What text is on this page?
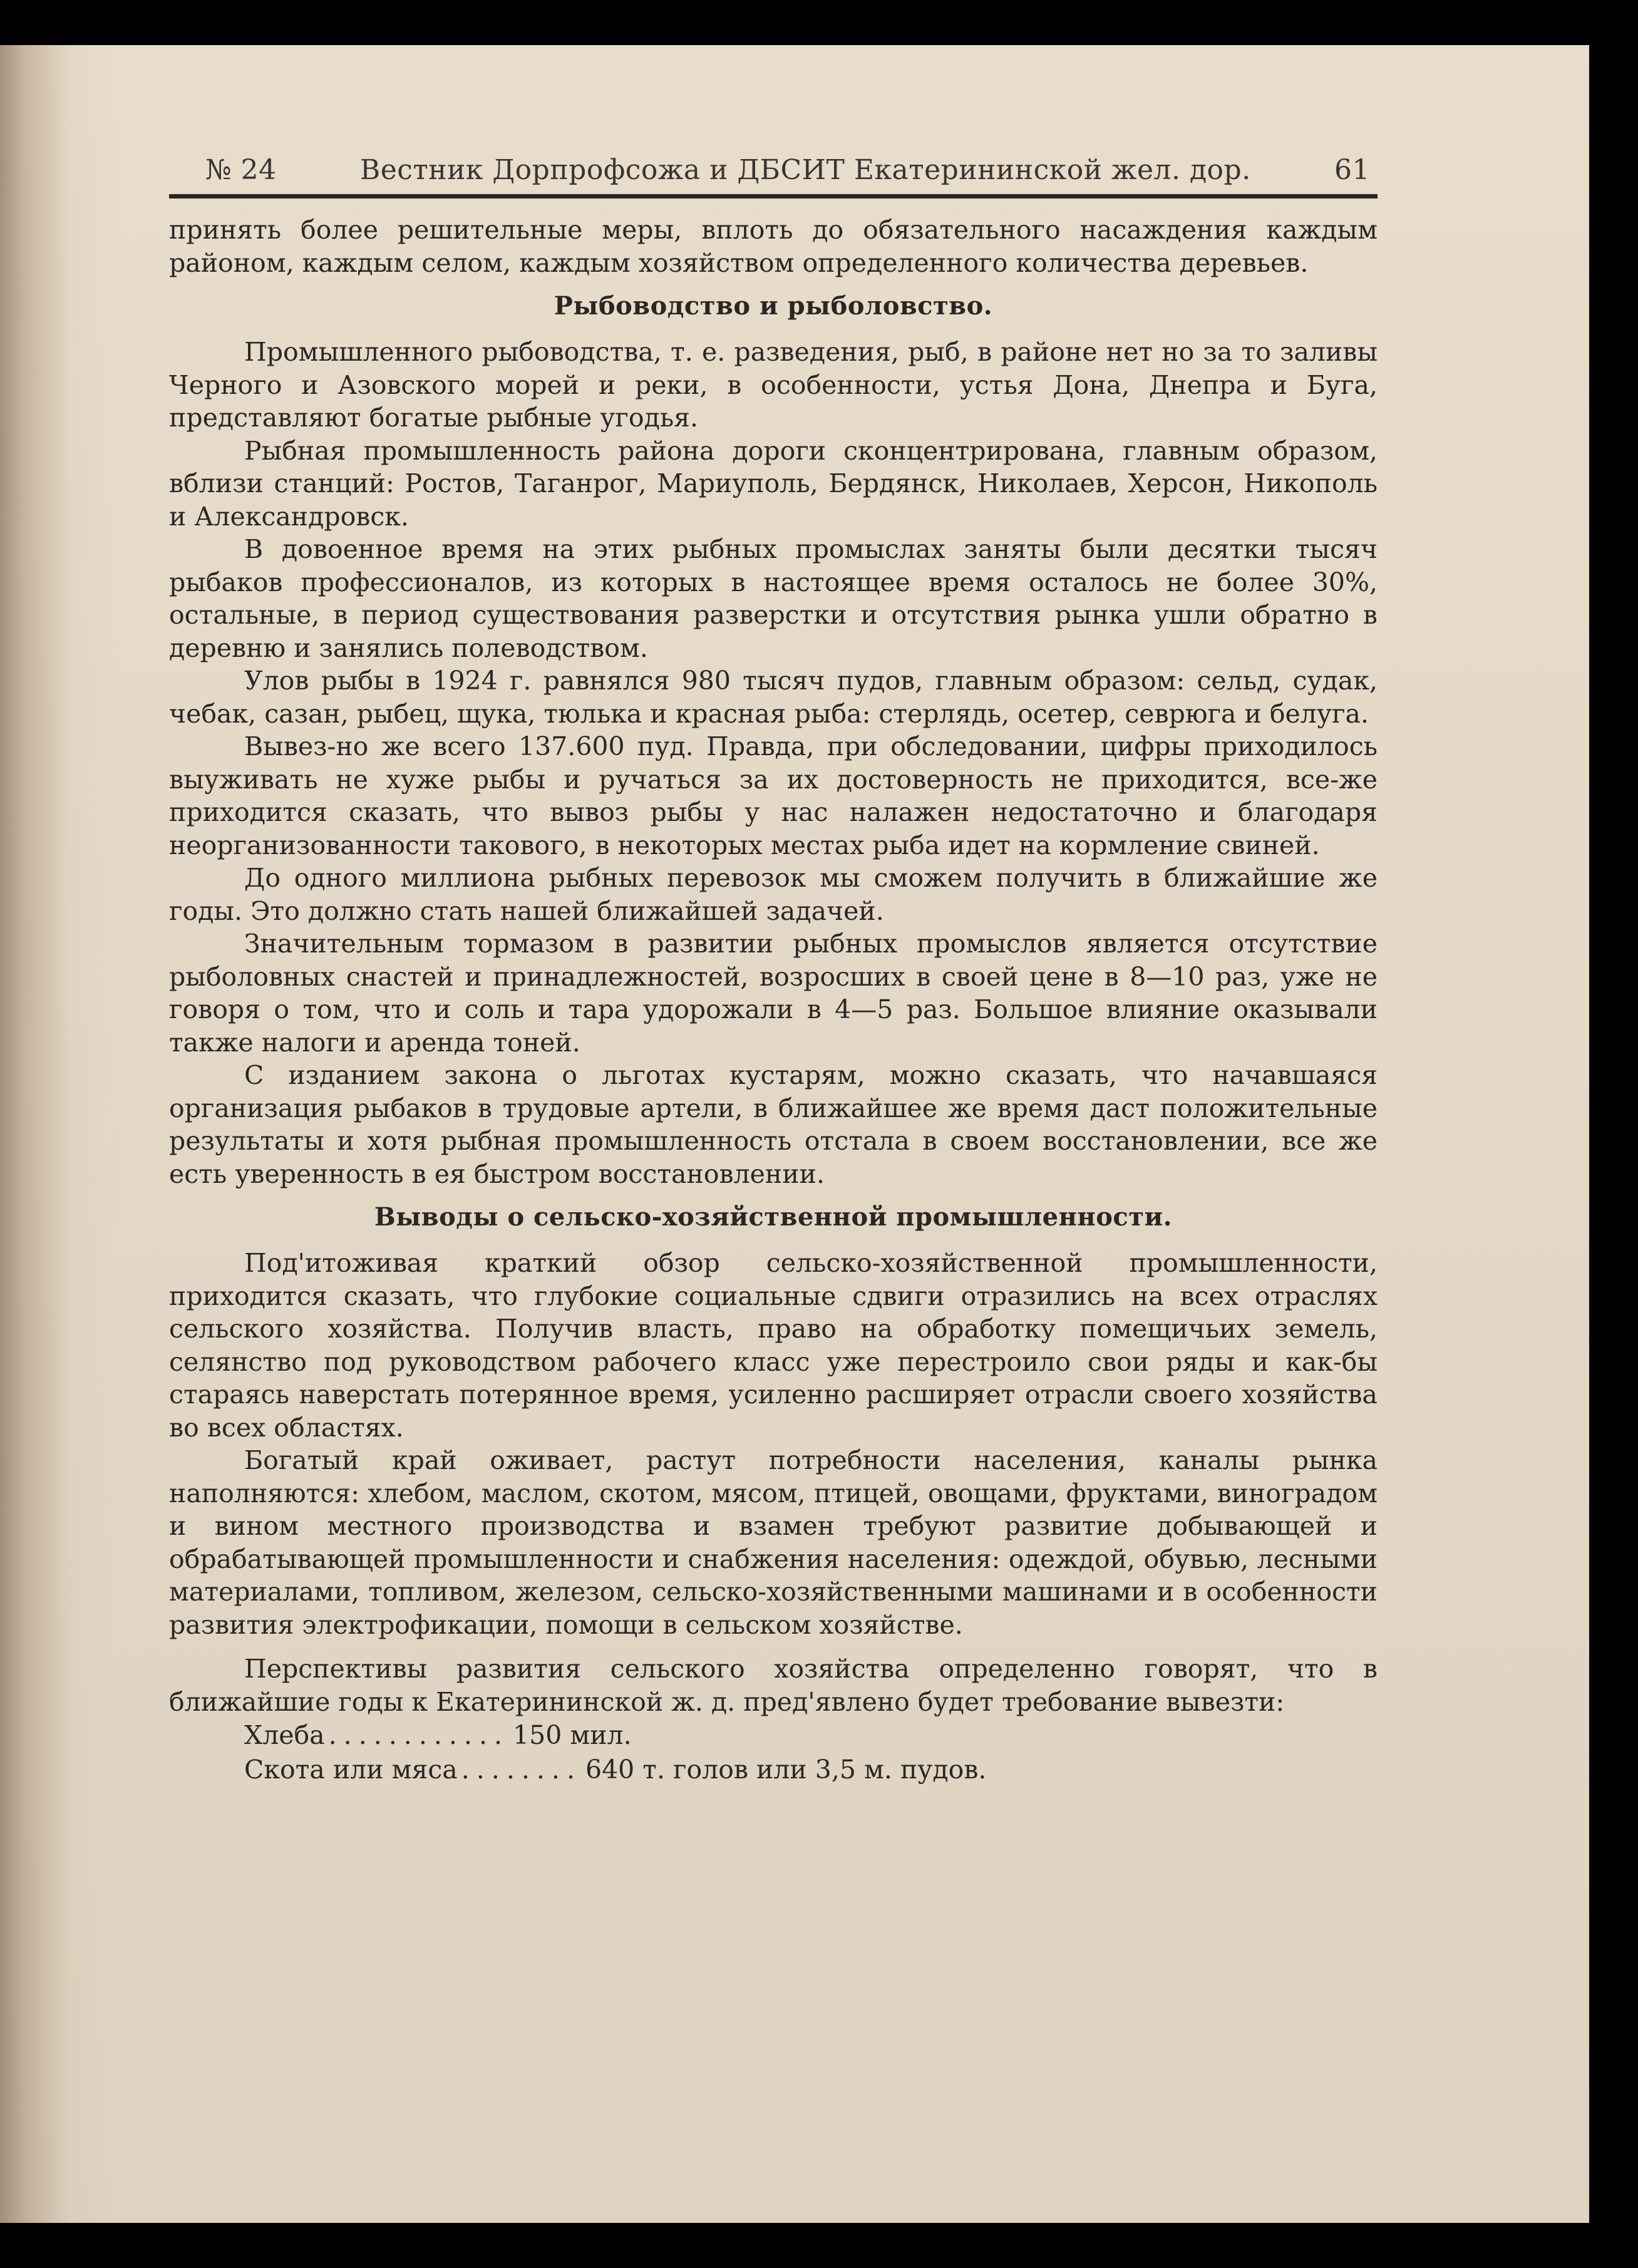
№ 24	Вестник Дорпрофсожа и ДБСИТ Екатерининской жел. дор.	61

принять более решительные меры, вплоть до обязательного насаждения каждым районом, каждым селом, каждым хозяйством определенного количества деревьев.

Рыбоводство и рыболовство.

Промышленного рыбоводства, т. е. разведения, рыб, в районе нет но за то заливы Черного и Азовского морей и реки, в особенности, устья Дона, Днепра и Буга, представляют богатые рыбные угодья.

Рыбная промышленность района дороги сконцентрирована, главным образом, вблизи станций: Ростов, Таганрог, Мариуполь, Бердянск, Николаев, Херсон, Никополь и Александровск.

В довоенное время на этих рыбных промыслах заняты были десятки тысяч рыбаков профессионалов, из которых в настоящее время осталось не более 30%, остальные, в период существования разверстки и отсутствия рынка ушли обратно в деревню и занялись полеводством.

Улов рыбы в 1924 г. равнялся 980 тысяч пудов, главным образом: сельд, судак, чебак, сазан, рыбец, щука, тюлька и красная рыба: стерлядь, осетер, севрюга и белуга.

Вывез-но же всего 137.600 пуд. Правда, при обследовании, цифры приходилось выуживать не хуже рыбы и ручаться за их достоверность не приходится, все-же приходится сказать, что вывоз рыбы у нас налажен недостаточно и благодаря неорганизованности такового, в некоторых местах рыба идет на кормление свиней.

До одного миллиона рыбных перевозок мы сможем получить в ближайшие же годы. Это должно стать нашей ближайшей задачей.

Значительным тормазом в развитии рыбных промыслов является отсутствие рыболовных снастей и принадлежностей, возросших в своей цене в 8—10 раз, уже не говоря о том, что и соль и тара удорожали в 4—5 раз. Большое влияние оказывали также налоги и аренда тоней.

С изданием закона о льготах кустарям, можно сказать, что начавшаяся организация рыбаков в трудовые артели, в ближайшее же время даст положительные результаты и хотя рыбная промышленность отстала в своем восстановлении, все же есть уверенность в ея быстром восстановлении.

Выводы о сельско-хозяйственной промышленности.

Под'итоживая краткий обзор сельско-хозяйственной промышленности, приходится сказать, что глубокие социальные сдвиги отразились на всех отраслях сельского хозяйства. Получив власть, право на обработку помещичьих земель, селянство под руководством рабочего класс уже перестроило свои ряды и как-бы стараясь наверстать потерянное время, усиленно расширяет отрасли своего хозяйства во всех областях.

Богатый край оживает, растут потребности населения, каналы рынка наполняются: хлебом, маслом, скотом, мясом, птицей, овощами, фруктами, виноградом и вином местного производства и взамен требуют развитие добывающей и обрабатывающей промышленности и снабжения населения: одеждой, обувью, лесными материалами, топливом, железом, сельско-хозяйственными машинами и в особенности развития электрофикации, помощи в сельском хозяйстве.

Перспективы развития сельского хозяйства определенно говорят, что в ближайшие годы к Екатерининской ж. д. пред'явлено будет требование вывезти:

Хлеба ............ 150 мил.
Скота или мяса ........ 640 т. голов или 3,5 м. пудов.
